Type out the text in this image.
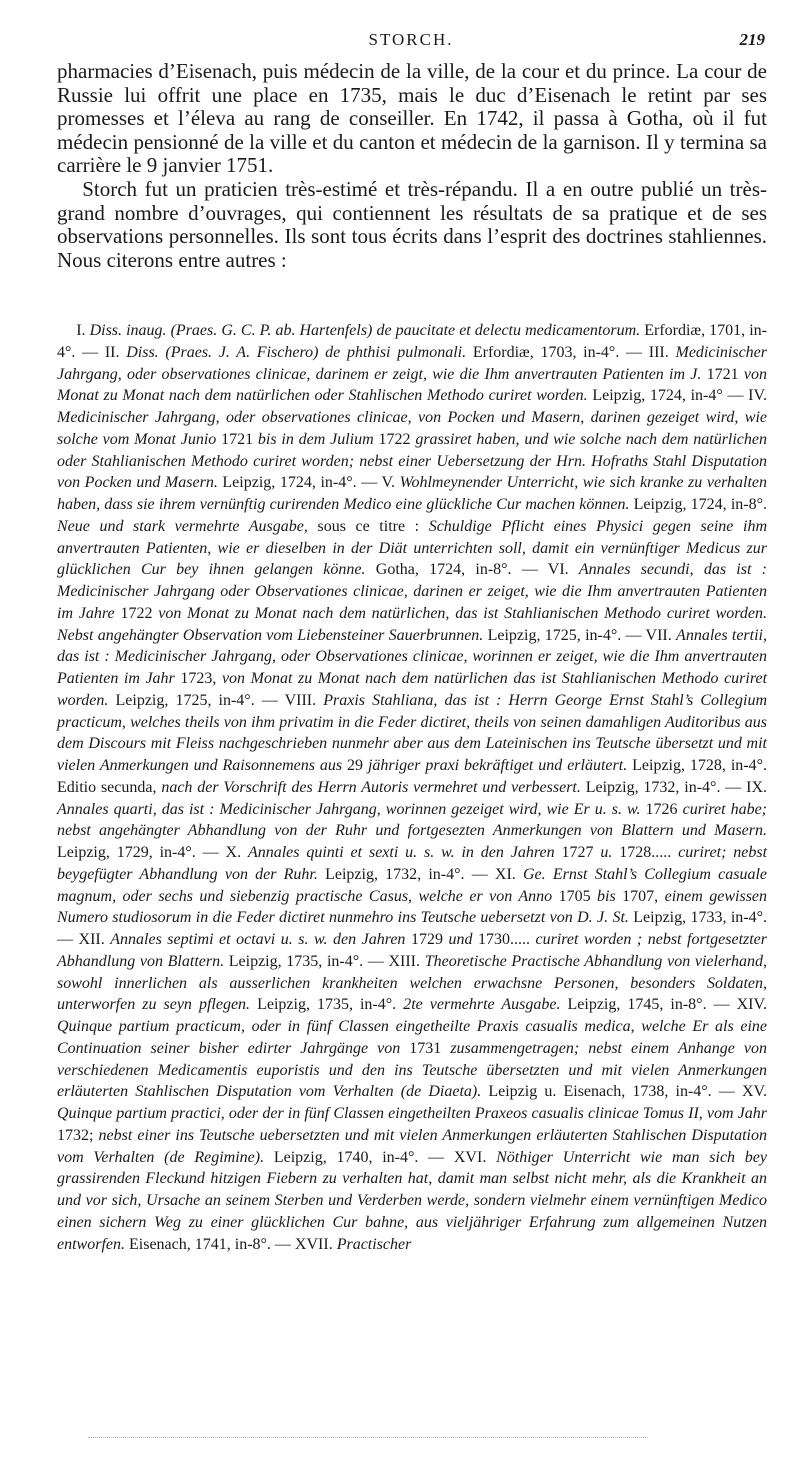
STORCH.	219

pharmacies d’Eisenach, puis médecin de la ville, de la cour et du prince. La cour de Russie lui offrit une place en 1735, mais le duc d’Eisenach le retint par ses promesses et l’éleva au rang de conseiller. En 1742, il passa à Gotha, où il fut médecin pensionné de la ville et du canton et médecin de la garnison. Il y termina sa carrière le 9 janvier 1751.

Storch fut un praticien très-estimé et très-répandu. Il a en outre publié un très-grand nombre d’ouvrages, qui contiennent les résultats de sa pratique et de ses observations personnelles. Ils sont tous écrits dans l’esprit des doctrines stahliennes. Nous citerons entre autres :

I. Diss. inaug. (Praes. G. C. P. ab. Hartenfels) de paucitate et delectu medicamentorum. Erfordiæ, 1701, in-4°. — II. Diss. (Praes. J. A. Fischero) de phthisi pulmonali. Erfordiæ, 1703, in-4°. — III. Medicinischer Jahrgang, oder observationes clinicae, darinem er zeigt, wie die Ihm anvertrauten Patienten im J. 1721 von Monat zu Monat nach dem natürlichen oder Stahlischen Methodo curiret worden. Leipzig, 1724, in-4° — IV. Medicinischer Jahrgang, oder observationes clinicae, von Pocken und Masern, darinen gezeiget wird, wie solche vom Monat Junio 1721 bis in dem Julium 1722 grassiret haben, und wie solche nach dem natürlichen oder Stahlianischen Methodo curiret worden; nebst einer Uebersetzung der Hrn. Hofraths Stahl Disputation von Pocken und Masern. Leipzig, 1724, in-4°. — V. Wohlmeynender Unterricht, wie sich kranke zu verhalten haben, dass sie ihrem vernünftig curirenden Medico eine glückliche Cur machen können. Leipzig, 1724, in-8°. Neue und stark vermehrte Ausgabe, sous ce titre : Schuldige Pflicht eines Physici gegen seine ihm anvertrauten Patienten, wie er dieselben in der Diät unterrichten soll, damit ein vernünftiger Medicus zur glücklichen Cur bey ihnen gelangen könne. Gotha, 1724, in-8°. — VI. Annales secundi, das ist : Medicinischer Jahrgang oder Observationes clinicae, darinen er zeiget, wie die Ihm anvertrauten Patienten im Jahre 1722 von Monat zu Monat nach dem natürlichen, das ist Stahlianischen Methodo curiret worden. Nebst angehängter Observation vom Liebensteiner Sauerbrunnen. Leipzig, 1725, in-4°. — VII. Annales tertii, das ist : Medicinischer Jahrgang, oder Observationes clinicae, worinnen er zeiget, wie die Ihm anvertrauten Patienten im Jahr 1723, von Monat zu Monat nach dem natürlichen das ist Stahlianischen Methodo curiret worden. Leipzig, 1725, in-4°. — VIII. Praxis Stahliana, das ist : Herrn George Ernst Stahl’s Collegium practicum, welches theils von ihm privatim in die Feder dictiret, theils von seinen damahligen Auditoribus aus dem Discours mit Fleiss nachgeschrieben nunmehr aber aus dem Lateinischen ins Teutsche übersetzt und mit vielen Anmerkungen und Raisonnemens aus 29 jähriger praxi bekräftiget und erläutert. Leipzig, 1728, in-4°. Editio secunda, nach der Vorschrift des Herrn Autoris vermehret und verbessert. Leipzig, 1732, in-4°. — IX. Annales quarti, das ist : Medicinischer Jahrgang, worinnen gezeiget wird, wie Er u. s. w. 1726 curiret habe; nebst angehängter Abhandlung von der Ruhr und fortgesezten Anmerkungen von Blattern und Masern. Leipzig, 1729, in-4°. — X. Annales quinti et sexti u. s. w. in den Jahren 1727 u. 1728..... curiret; nebst beygefügter Abhandlung von der Ruhr. Leipzig, 1732, in-4°. — XI. Ge. Ernst Stahl’s Collegium casuale magnum, oder sechs und siebenzig practische Casus, welche er von Anno 1705 bis 1707, einem gewissen Numero studiosorum in die Feder dictiret nunmehro ins Teutsche uebersetzt von D. J. St. Leipzig, 1733, in-4°. — XII. Annales septimi et octavi u. s. w. den Jahren 1729 und 1730..... curiret worden ; nebst fortgesetzter Abhandlung von Blattern. Leipzig, 1735, in-4°. — XIII. Theoretische Practische Abhandlung von vielerhand, sowohl innerlichen als ausserlichen krankheiten welchen erwachsne Personen, besonders Soldaten, unterworfen zu seyn pflegen. Leipzig, 1735, in-4°. 2te vermehrte Ausgabe. Leipzig, 1745, in-8°. — XIV. Quinque partium practicum, oder in fünf Classen eingetheilte Praxis casualis medica, welche Er als eine Continuation seiner bisher edirter Jahrgänge von 1731 zusammengetragen; nebst einem Anhange von verschiedenen Medicamentis euporistis und den ins Teutsche übersetzten und mit vielen Anmerkungen erläuterten Stahlischen Disputation vom Verhalten (de Diaeta). Leipzig u. Eisenach, 1738, in-4°. — XV. Quinque partium practici, oder der in fünf Classen eingetheilten Praxeos casualis clinicae Tomus II, vom Jahr 1732; nebst einer ins Teutsche uebersetzten und mit vielen Anmerkungen erläuterten Stahlischen Disputation vom Verhalten (de Regimine). Leipzig, 1740, in-4°. — XVI. Nöthiger Unterricht wie man sich bey grassirenden Fleckund hitzigen Fiebern zu verhalten hat, damit man selbst nicht mehr, als die Krankheit an und vor sich, Ursache an seinem Sterben und Verderben werde, sondern vielmehr einem vernünftigen Medico einen sichern Weg zu einer glücklichen Cur bahne, aus vieljähriger Erfahrung zum allgemeinen Nutzen entworfen. Eisenach, 1741, in-8°. — XVII. Practischer
